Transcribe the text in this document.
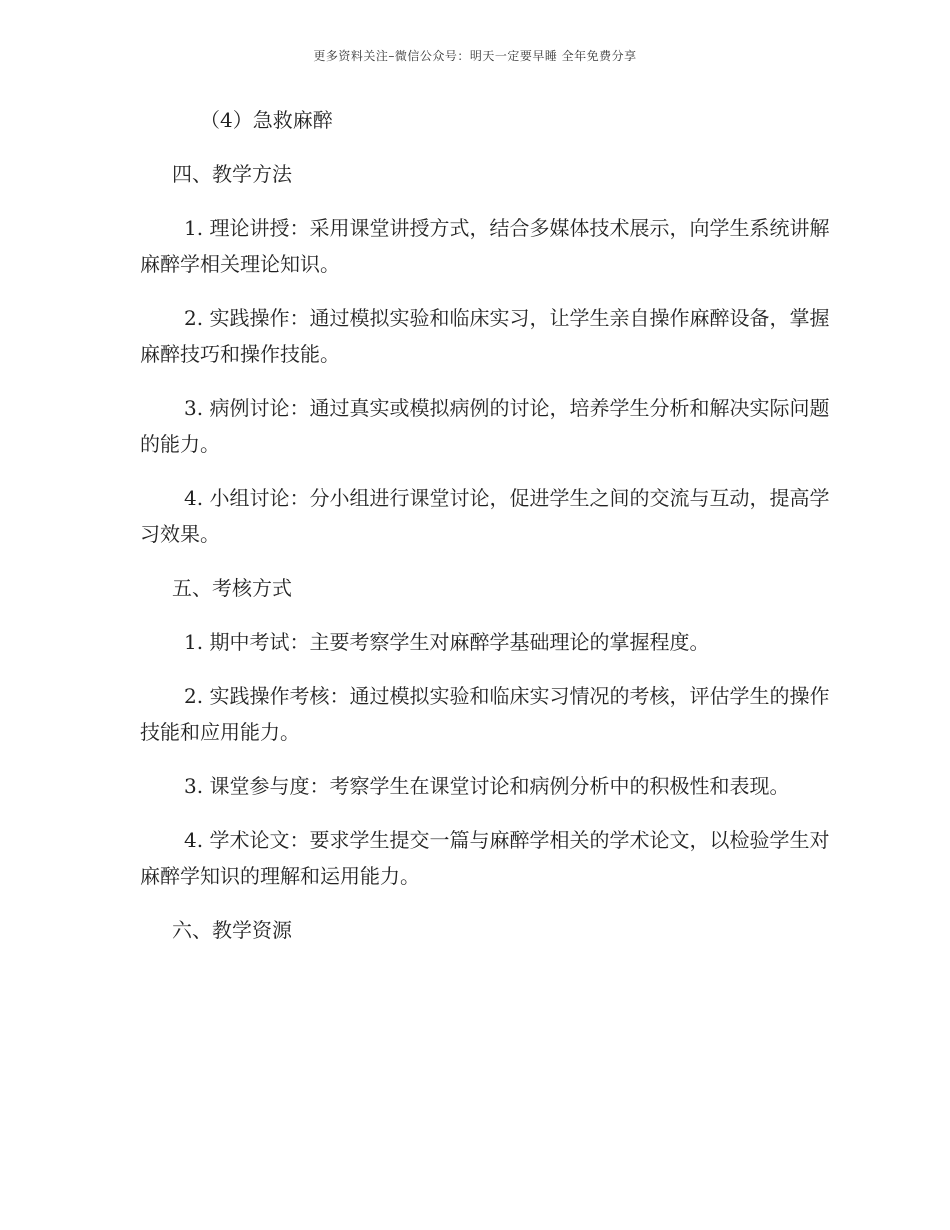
更多资料关注–微信公众号：明天一定要早睡 全年免费分享

（4）急救麻醉

四、教学方法

1. 理论讲授：采用课堂讲授方式，结合多媒体技术展示，向学生系统讲解麻醉学相关理论知识。

2. 实践操作：通过模拟实验和临床实习，让学生亲自操作麻醉设备，掌握麻醉技巧和操作技能。

3. 病例讨论：通过真实或模拟病例的讨论，培养学生分析和解决实际问题的能力。

4. 小组讨论：分小组进行课堂讨论，促进学生之间的交流与互动，提高学习效果。

五、考核方式

1. 期中考试：主要考察学生对麻醉学基础理论的掌握程度。

2. 实践操作考核：通过模拟实验和临床实习情况的考核，评估学生的操作技能和应用能力。

3. 课堂参与度：考察学生在课堂讨论和病例分析中的积极性和表现。

4. 学术论文：要求学生提交一篇与麻醉学相关的学术论文，以检验学生对麻醉学知识的理解和运用能力。

六、教学资源
